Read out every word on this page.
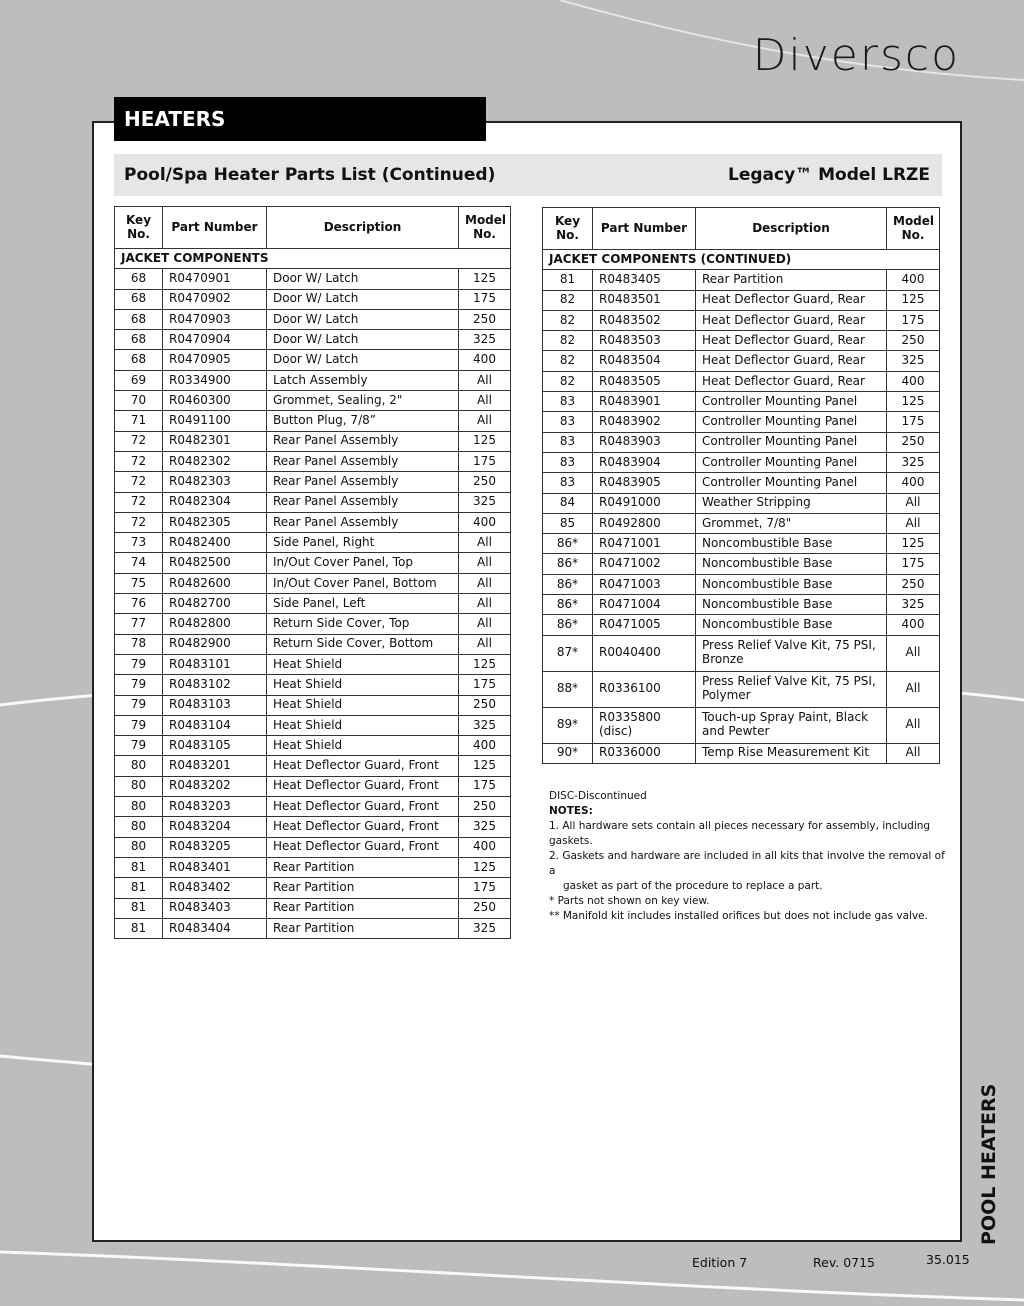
Diversco
HEATERS
Pool/Spa Heater Parts List (Continued)	Legacy™ Model LRZE
Key No.	Part Number	Description	Model No.
JACKET COMPONENTS			
68	R0470901	Door W/ Latch	125
68	R0470902	Door W/ Latch	175
68	R0470903	Door W/ Latch	250
68	R0470904	Door W/ Latch	325
68	R0470905	Door W/ Latch	400
69	R0334900	Latch Assembly	All
70	R0460300	Grommet, Sealing, 2"	All
71	R0491100	Button Plug, 7/8”	All
72	R0482301	Rear Panel Assembly	125
72	R0482302	Rear Panel Assembly	175
72	R0482303	Rear Panel Assembly	250
72	R0482304	Rear Panel Assembly	325
72	R0482305	Rear Panel Assembly	400
73	R0482400	Side Panel, Right	All
74	R0482500	In/Out Cover Panel, Top	All
75	R0482600	In/Out Cover Panel, Bottom	All
76	R0482700	Side Panel, Left	All
77	R0482800	Return Side Cover, Top	All
78	R0482900	Return Side Cover, Bottom	All
79	R0483101	Heat Shield	125
79	R0483102	Heat Shield	175
79	R0483103	Heat Shield	250
79	R0483104	Heat Shield	325
79	R0483105	Heat Shield	400
80	R0483201	Heat Deflector Guard, Front	125
80	R0483202	Heat Deflector Guard, Front	175
80	R0483203	Heat Deflector Guard, Front	250
80	R0483204	Heat Deflector Guard, Front	325
80	R0483205	Heat Deflector Guard, Front	400
81	R0483401	Rear Partition	125
81	R0483402	Rear Partition	175
81	R0483403	Rear Partition	250
81	R0483404	Rear Partition	325
Key No.	Part Number	Description	Model No.
JACKET COMPONENTS (CONTINUED)			
81	R0483405	Rear Partition	400
82	R0483501	Heat Deflector Guard, Rear	125
82	R0483502	Heat Deflector Guard, Rear	175
82	R0483503	Heat Deflector Guard, Rear	250
82	R0483504	Heat Deflector Guard, Rear	325
82	R0483505	Heat Deflector Guard, Rear	400
83	R0483901	Controller Mounting Panel	125
83	R0483902	Controller Mounting Panel	175
83	R0483903	Controller Mounting Panel	250
83	R0483904	Controller Mounting Panel	325
83	R0483905	Controller Mounting Panel	400
84	R0491000	Weather Stripping	All
85	R0492800	Grommet, 7/8"	All
86*	R0471001	Noncombustible Base	125
86*	R0471002	Noncombustible Base	175
86*	R0471003	Noncombustible Base	250
86*	R0471004	Noncombustible Base	325
86*	R0471005	Noncombustible Base	400
87*	R0040400	Press Relief Valve Kit, 75 PSI, Bronze	All
88*	R0336100	Press Relief Valve Kit, 75 PSI, Polymer	All
89*	R0335800 (disc)	Touch-up Spray Paint, Black and Pewter	All
90*	R0336000	Temp Rise Measurement Kit	All
DISC-Discontinued
NOTES:
1. All hardware sets contain all pieces necessary for assembly, including gaskets.
2. Gaskets and hardware are included in all kits that involve the removal of a
gasket as part of the procedure to replace a part.
* Parts not shown on key view.
** Manifold kit includes installed orifices but does not include gas valve.
POOL HEATERS
Edition 7	Rev. 0715	35.015
